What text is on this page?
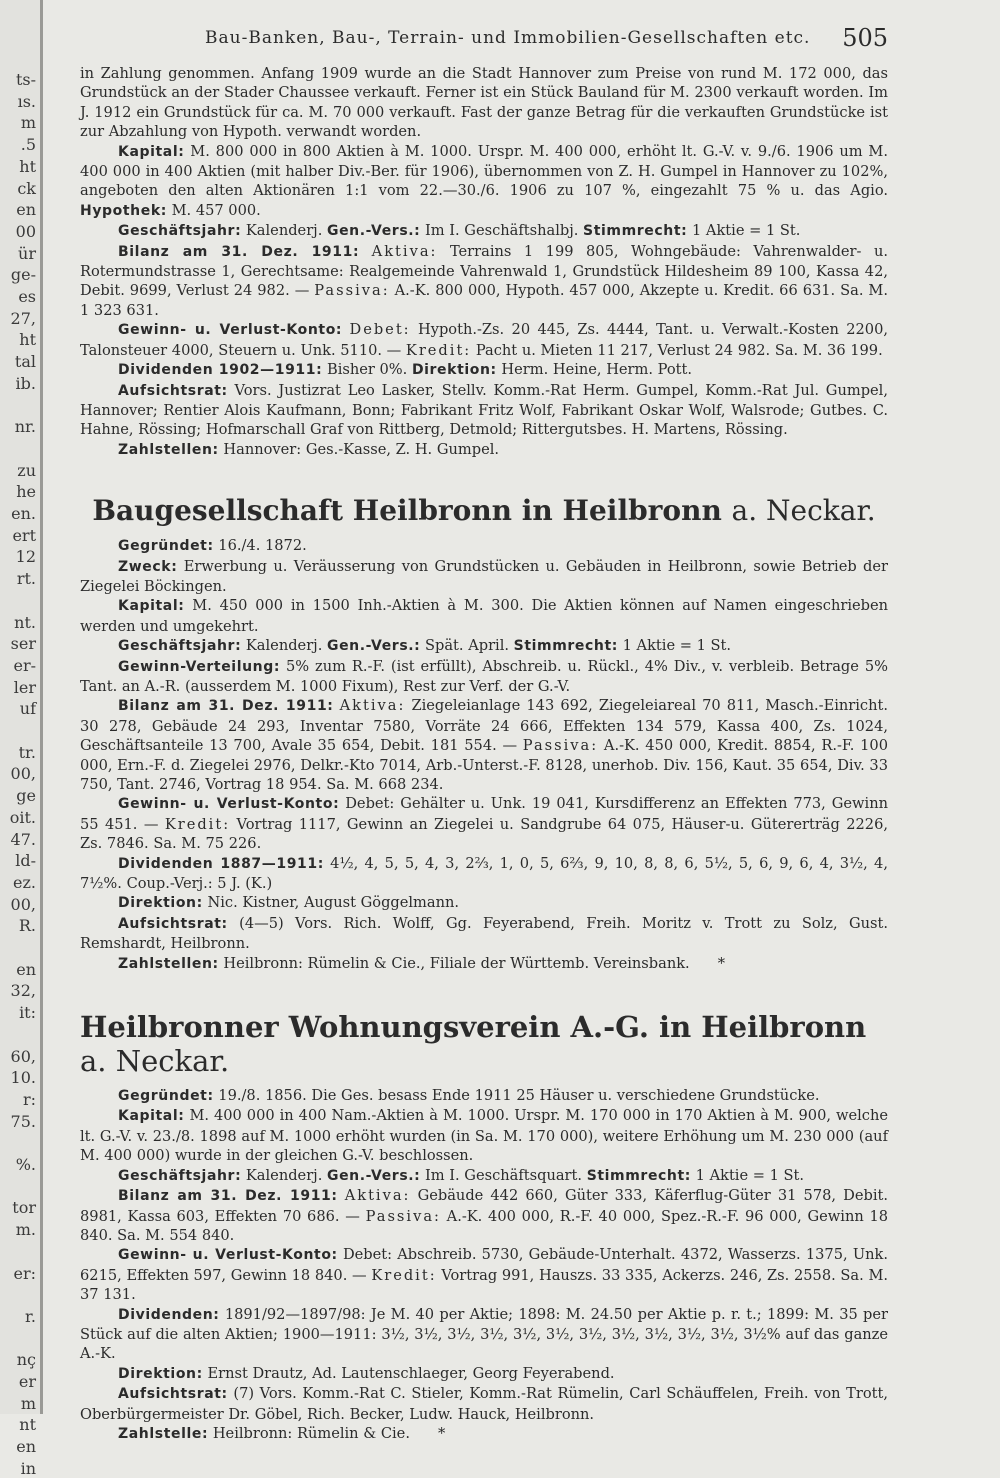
ts-
ıs.
m
.5
ht
ck
en
00
ür
ge-
es
27,
ht
tal
ib.
nr.
zu
he
en.
ert
12
rt.
nt.
ser
er-
ler
uf
tr.
00,
ge
oit.
47.
ld-
ez.
00,
R.
en
32,
it:
60,
10.
r:
75.
%.
tor
m.
er:
r.
nç
er
m
nt
en
in
Bau-Banken, Bau-, Terrain- und Immobilien-Gesellschaften etc. 505

in Zahlung genommen. Anfang 1909 wurde an die Stadt Hannover zum Preise von rund M. 172 000, das Grundstück an der Stader Chaussee verkauft. Ferner ist ein Stück Bauland für M. 2300 verkauft worden. Im J. 1912 ein Grundstück für ca. M. 70 000 verkauft. Fast der ganze Betrag für die verkauften Grundstücke ist zur Abzahlung von Hypoth. verwandt worden.

Kapital: M. 800 000 in 800 Aktien à M. 1000. Urspr. M. 400 000, erhöht lt. G.-V. v. 9./6. 1906 um M. 400 000 in 400 Aktien (mit halber Div.-Ber. für 1906), übernommen von Z. H. Gumpel in Hannover zu 102%, angeboten den alten Aktionären 1:1 vom 22.—30./6. 1906 zu 107 %, eingezahlt 75 % u. das Agio. Hypothek: M. 457 000.

Geschäftsjahr: Kalenderj. Gen.-Vers.: Im I. Geschäftshalbj. Stimmrecht: 1 Aktie = 1 St.

Bilanz am 31. Dez. 1911: Aktiva: Terrains 1 199 805, Wohngebäude: Vahrenwalder- u. Rotermundstrasse 1, Gerechtsame: Realgemeinde Vahrenwald 1, Grundstück Hildesheim 89 100, Kassa 42, Debit. 9699, Verlust 24 982. — Passiva: A.-K. 800 000, Hypoth. 457 000, Akzepte u. Kredit. 66 631. Sa. M. 1 323 631.

Gewinn- u. Verlust-Konto: Debet: Hypoth.-Zs. 20 445, Zs. 4444, Tant. u. Verwalt.-Kosten 2200, Talonsteuer 4000, Steuern u. Unk. 5110. — Kredit: Pacht u. Mieten 11 217, Verlust 24 982. Sa. M. 36 199.

Dividenden 1902—1911: Bisher 0%. Direktion: Herm. Heine, Herm. Pott.

Aufsichtsrat: Vors. Justizrat Leo Lasker, Stellv. Komm.-Rat Herm. Gumpel, Komm.-Rat Jul. Gumpel, Hannover; Rentier Alois Kaufmann, Bonn; Fabrikant Fritz Wolf, Fabrikant Oskar Wolf, Walsrode; Gutbes. C. Hahne, Rössing; Hofmarschall Graf von Rittberg, Detmold; Rittergutsbes. H. Martens, Rössing.

Zahlstellen: Hannover: Ges.-Kasse, Z. H. Gumpel.

Baugesellschaft Heilbronn in Heilbronn a. Neckar.

Gegründet: 16./4. 1872.

Zweck: Erwerbung u. Veräusserung von Grundstücken u. Gebäuden in Heilbronn, sowie Betrieb der Ziegelei Böckingen.

Kapital: M. 450 000 in 1500 Inh.-Aktien à M. 300. Die Aktien können auf Namen eingeschrieben werden und umgekehrt.

Geschäftsjahr: Kalenderj. Gen.-Vers.: Spät. April. Stimmrecht: 1 Aktie = 1 St.

Gewinn-Verteilung: 5% zum R.-F. (ist erfüllt), Abschreib. u. Rückl., 4% Div., v. verbleib. Betrage 5% Tant. an A.-R. (ausserdem M. 1000 Fixum), Rest zur Verf. der G.-V.

Bilanz am 31. Dez. 1911: Aktiva: Ziegeleianlage 143 692, Ziegeleiareal 70 811, Masch.-Einricht. 30 278, Gebäude 24 293, Inventar 7580, Vorräte 24 666, Effekten 134 579, Kassa 400, Zs. 1024, Geschäftsanteile 13 700, Avale 35 654, Debit. 181 554. — Passiva: A.-K. 450 000, Kredit. 8854, R.-F. 100 000, Ern.-F. d. Ziegelei 2976, Delkr.-Kto 7014, Arb.-Unterst.-F. 8128, unerhob. Div. 156, Kaut. 35 654, Div. 33 750, Tant. 2746, Vortrag 18 954. Sa. M. 668 234.

Gewinn- u. Verlust-Konto: Debet: Gehälter u. Unk. 19 041, Kursdifferenz an Effekten 773, Gewinn 55 451. — Kredit: Vortrag 1117, Gewinn an Ziegelei u. Sandgrube 64 075, Häuser-u. Gütererträg 2226, Zs. 7846. Sa. M. 75 226.

Dividenden 1887—1911: 4½, 4, 5, 5, 4, 3, 2⅔, 1, 0, 5, 6⅔, 9, 10, 8, 8, 6, 5½, 5, 6, 9, 6, 4, 3½, 4, 7½%. Coup.-Verj.: 5 J. (K.)

Direktion: Nic. Kistner, August Göggelmann.

Aufsichtsrat: (4—5) Vors. Rich. Wolff, Gg. Feyerabend, Freih. Moritz v. Trott zu Solz, Gust. Remshardt, Heilbronn.

Zahlstellen: Heilbronn: Rümelin & Cie., Filiale der Württemb. Vereinsbank. *

Heilbronner Wohnungsverein A.-G. in Heilbronn a. Neckar.

Gegründet: 19./8. 1856. Die Ges. besass Ende 1911 25 Häuser u. verschiedene Grundstücke.

Kapital: M. 400 000 in 400 Nam.-Aktien à M. 1000. Urspr. M. 170 000 in 170 Aktien à M. 900, welche lt. G.-V. v. 23./8. 1898 auf M. 1000 erhöht wurden (in Sa. M. 170 000), weitere Erhöhung um M. 230 000 (auf M. 400 000) wurde in der gleichen G.-V. beschlossen.

Geschäftsjahr: Kalenderj. Gen.-Vers.: Im I. Geschäftsquart. Stimmrecht: 1 Aktie = 1 St.

Bilanz am 31. Dez. 1911: Aktiva: Gebäude 442 660, Güter 333, Käferflug-Güter 31 578, Debit. 8981, Kassa 603, Effekten 70 686. — Passiva: A.-K. 400 000, R.-F. 40 000, Spez.-R.-F. 96 000, Gewinn 18 840. Sa. M. 554 840.

Gewinn- u. Verlust-Konto: Debet: Abschreib. 5730, Gebäude-Unterhalt. 4372, Wasserzs. 1375, Unk. 6215, Effekten 597, Gewinn 18 840. — Kredit: Vortrag 991, Hauszs. 33 335, Ackerzs. 246, Zs. 2558. Sa. M. 37 131.

Dividenden: 1891/92—1897/98: Je M. 40 per Aktie; 1898: M. 24.50 per Aktie p. r. t.; 1899: M. 35 per Stück auf die alten Aktien; 1900—1911: 3½, 3½, 3½, 3½, 3½, 3½, 3½, 3½, 3½, 3½, 3½, 3½% auf das ganze A.-K.

Direktion: Ernst Drautz, Ad. Lautenschlaeger, Georg Feyerabend.

Aufsichtsrat: (7) Vors. Komm.-Rat C. Stieler, Komm.-Rat Rümelin, Carl Schäuffelen, Freih. von Trott, Oberbürgermeister Dr. Göbel, Rich. Becker, Ludw. Hauck, Heilbronn.

Zahlstelle: Heilbronn: Rümelin & Cie. *
